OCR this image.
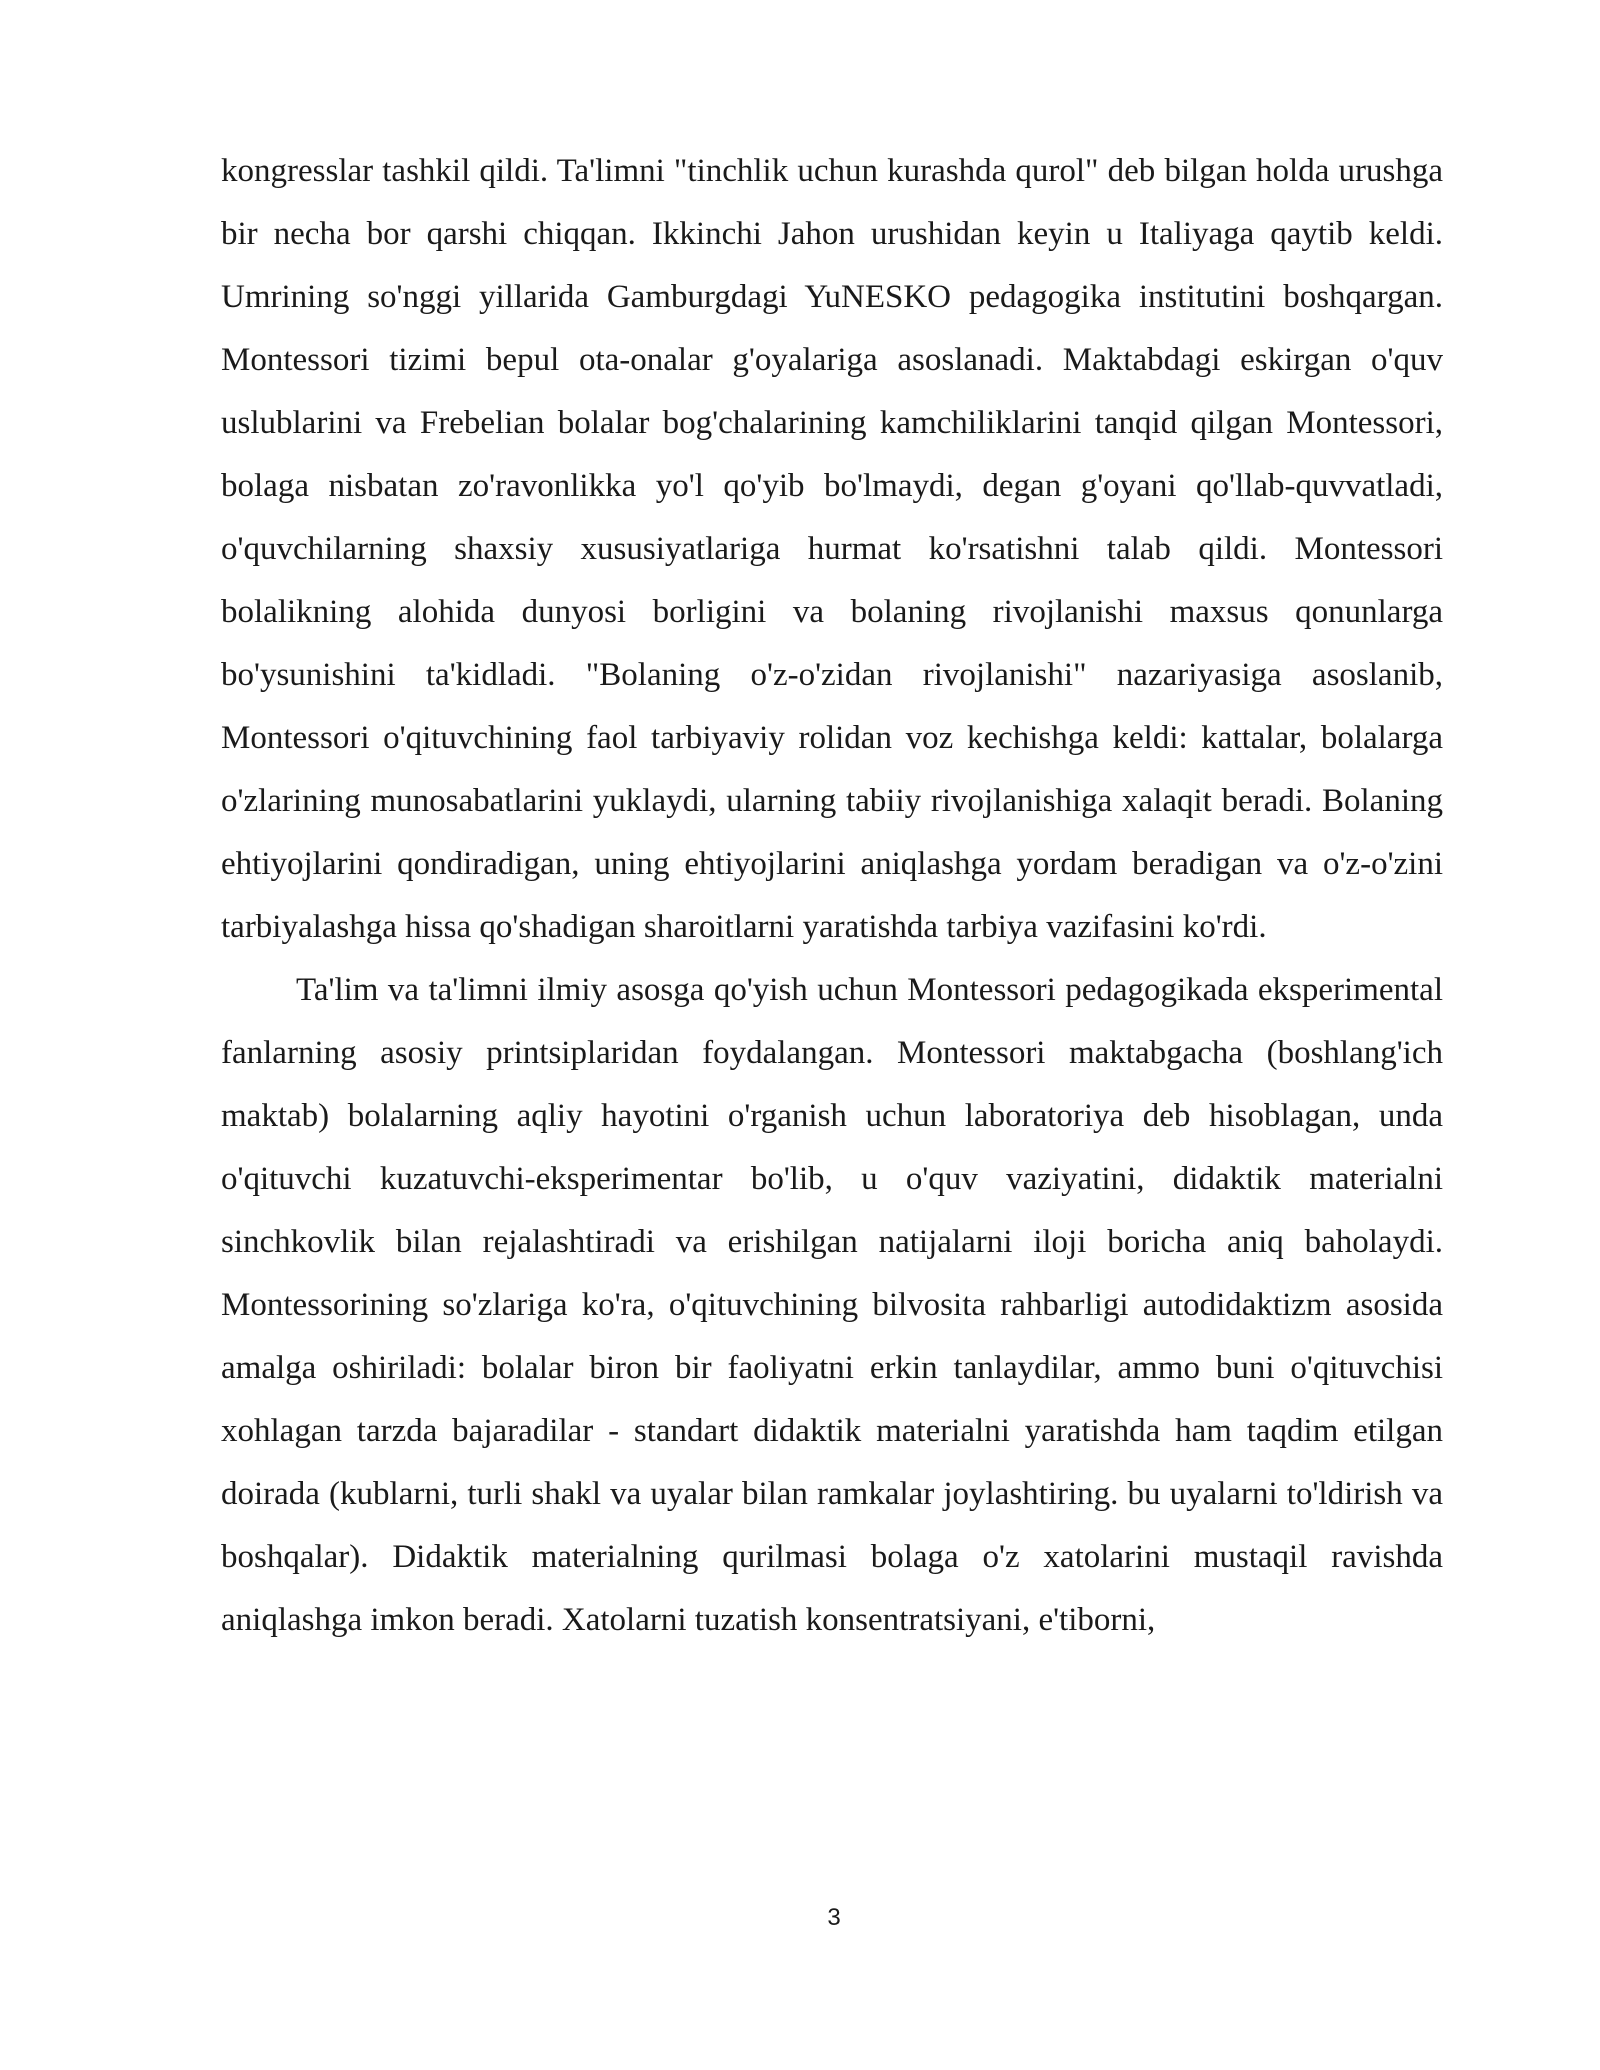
kongresslar tashkil qildi. Ta'limni "tinchlik uchun kurashda qurol" deb bilgan holda urushga bir necha bor qarshi chiqqan. Ikkinchi Jahon urushidan keyin u Italiyaga qaytib keldi. Umrining so'nggi yillarida Gamburgdagi YuNESKO pedagogika institutini boshqargan. Montessori tizimi bepul ota-onalar g'oyalariga asoslanadi. Maktabdagi eskirgan o'quv uslublarini va Frebelian bolalar bog'chalarining kamchiliklarini tanqid qilgan Montessori, bolaga nisbatan zo'ravonlikka yo'l qo'yib bo'lmaydi, degan g'oyani qo'llab-quvvatladi, o'quvchilarning shaxsiy xususiyatlariga hurmat ko'rsatishni talab qildi. Montessori bolalikning alohida dunyosi borligini va bolaning rivojlanishi maxsus qonunlarga bo'ysunishini ta'kidladi. "Bolaning o'z-o'zidan rivojlanishi" nazariyasiga asoslanib, Montessori o'qituvchining faol tarbiyaviy rolidan voz kechishga keldi: kattalar, bolalarga o'zlarining munosabatlarini yuklaydi, ularning tabiiy rivojlanishiga xalaqit beradi. Bolaning ehtiyojlarini qondiradigan, uning ehtiyojlarini aniqlashga yordam beradigan va o'z-o'zini tarbiyalashga hissa qo'shadigan sharoitlarni yaratishda tarbiya vazifasini ko'rdi.

Ta'lim va ta'limni ilmiy asosga qo'yish uchun Montessori pedagogikada eksperimental fanlarning asosiy printsiplaridan foydalangan. Montessori maktabgacha (boshlang'ich maktab) bolalarning aqliy hayotini o'rganish uchun laboratoriya deb hisoblagan, unda o'qituvchi kuzatuvchi-eksperimentar bo'lib, u o'quv vaziyatini, didaktik materialni sinchkovlik bilan rejalashtiradi va erishilgan natijalarni iloji boricha aniq baholaydi. Montessorining so'zlariga ko'ra, o'qituvchining bilvosita rahbarligi autodidaktizm asosida amalga oshiriladi: bolalar biron bir faoliyatni erkin tanlaydilar, ammo buni o'qituvchisi xohlagan tarzda bajaradilar - standart didaktik materialni yaratishda ham taqdim etilgan doirada (kublarni, turli shakl va uyalar bilan ramkalar joylashtiring. bu uyalarni to'ldirish va boshqalar). Didaktik materialning qurilmasi bolaga o'z xatolarini mustaqil ravishda aniqlashga imkon beradi. Xatolarni tuzatish konsentratsiyani, e'tiborni,

3
